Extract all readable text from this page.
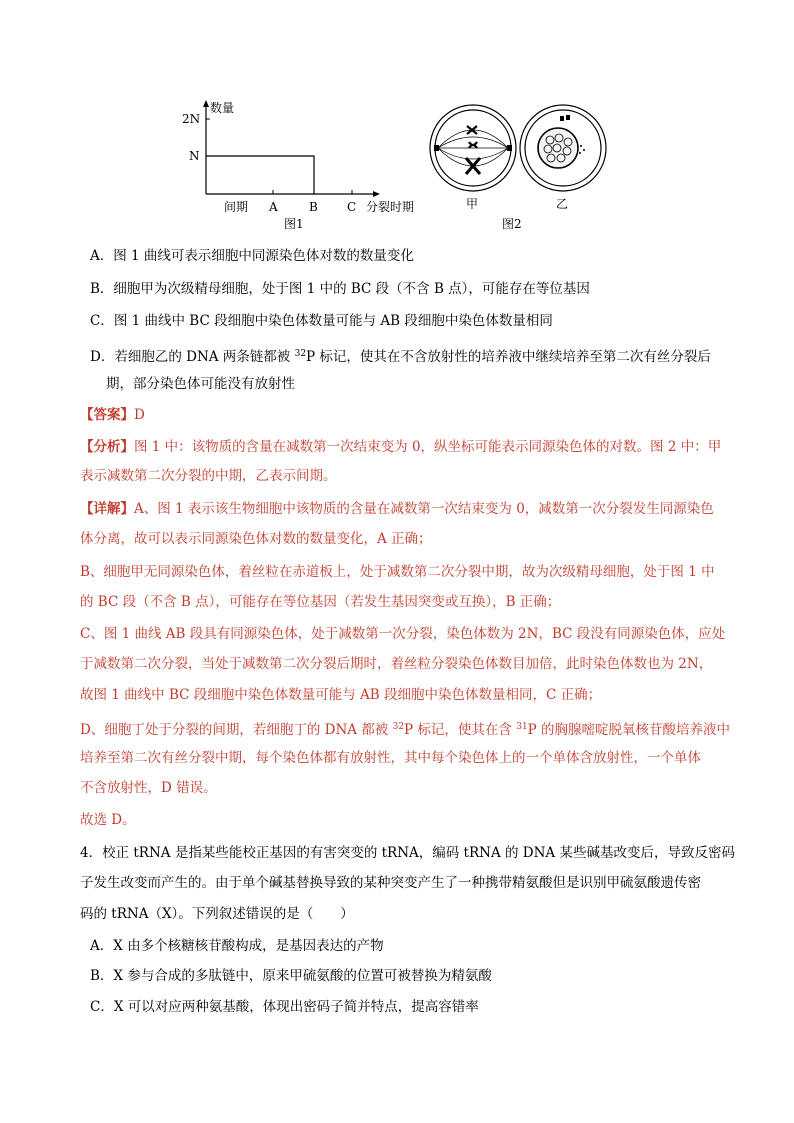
数量
2N
N
间期 A	B C 分裂时期
图1
甲	乙
图2
A．图 1 曲线可表示细胞中同源染色体对数的数量变化
B．细胞甲为次级精母细胞，处于图 1 中的 BC 段（不含 B 点），可能存在等位基因
C．图 1 曲线中 BC 段细胞中染色体数量可能与 AB 段细胞中染色体数量相同
D．若细胞乙的 DNA 两条链都被 $^{32}$P 标记，使其在不含放射性的培养液中继续培养至第二次有丝分裂后
期，部分染色体可能没有放射性
【答案】D
【分析】图 1 中：该物质的含量在减数第一次结束变为 0，纵坐标可能表示同源染色体的对数。图 2 中：甲
表示减数第二次分裂的中期，乙表示间期。
【详解】A、图 1 表示该生物细胞中该物质的含量在减数第一次结束变为 0，减数第一次分裂发生同源染色
体分离，故可以表示同源染色体对数的数量变化，A 正确；
B、细胞甲无同源染色体，着丝粒在赤道板上，处于减数第二次分裂中期，故为次级精母细胞，处于图 1 中
的 BC 段（不含 B 点），可能存在等位基因（若发生基因突变或互换），B 正确；
C、图 1 曲线 AB 段具有同源染色体，处于减数第一次分裂，染色体数为 2N，BC 段没有同源染色体，应处
于减数第二次分裂，当处于减数第二次分裂后期时，着丝粒分裂染色体数目加倍，此时染色体数也为 2N，
故图 1 曲线中 BC 段细胞中染色体数量可能与 AB 段细胞中染色体数量相同，C 正确；
D、细胞丁处于分裂的间期，若细胞丁的 DNA 都被 $^{32}$P 标记，使其在含 $^{31}$P 的胸腺嘧啶脱氧核苷酸培养液中
培养至第二次有丝分裂中期，每个染色体都有放射性，其中每个染色体上的一个单体含放射性，一个单体
不含放射性，D 错误。
故选 D。
4．校正 tRNA 是指某些能校正基因的有害突变的 tRNA，编码 tRNA 的 DNA 某些碱基改变后，导致反密码
子发生改变而产生的。由于单个碱基替换导致的某种突变产生了一种携带精氨酸但是识别甲硫氨酸遗传密
码的 tRNA（X）。下列叙述错误的是（　　）
A．X 由多个核糖核苷酸构成，是基因表达的产物
B．X 参与合成的多肽链中，原来甲硫氨酸的位置可被替换为精氨酸
C．X 可以对应两种氨基酸，体现出密码子简并特点，提高容错率
